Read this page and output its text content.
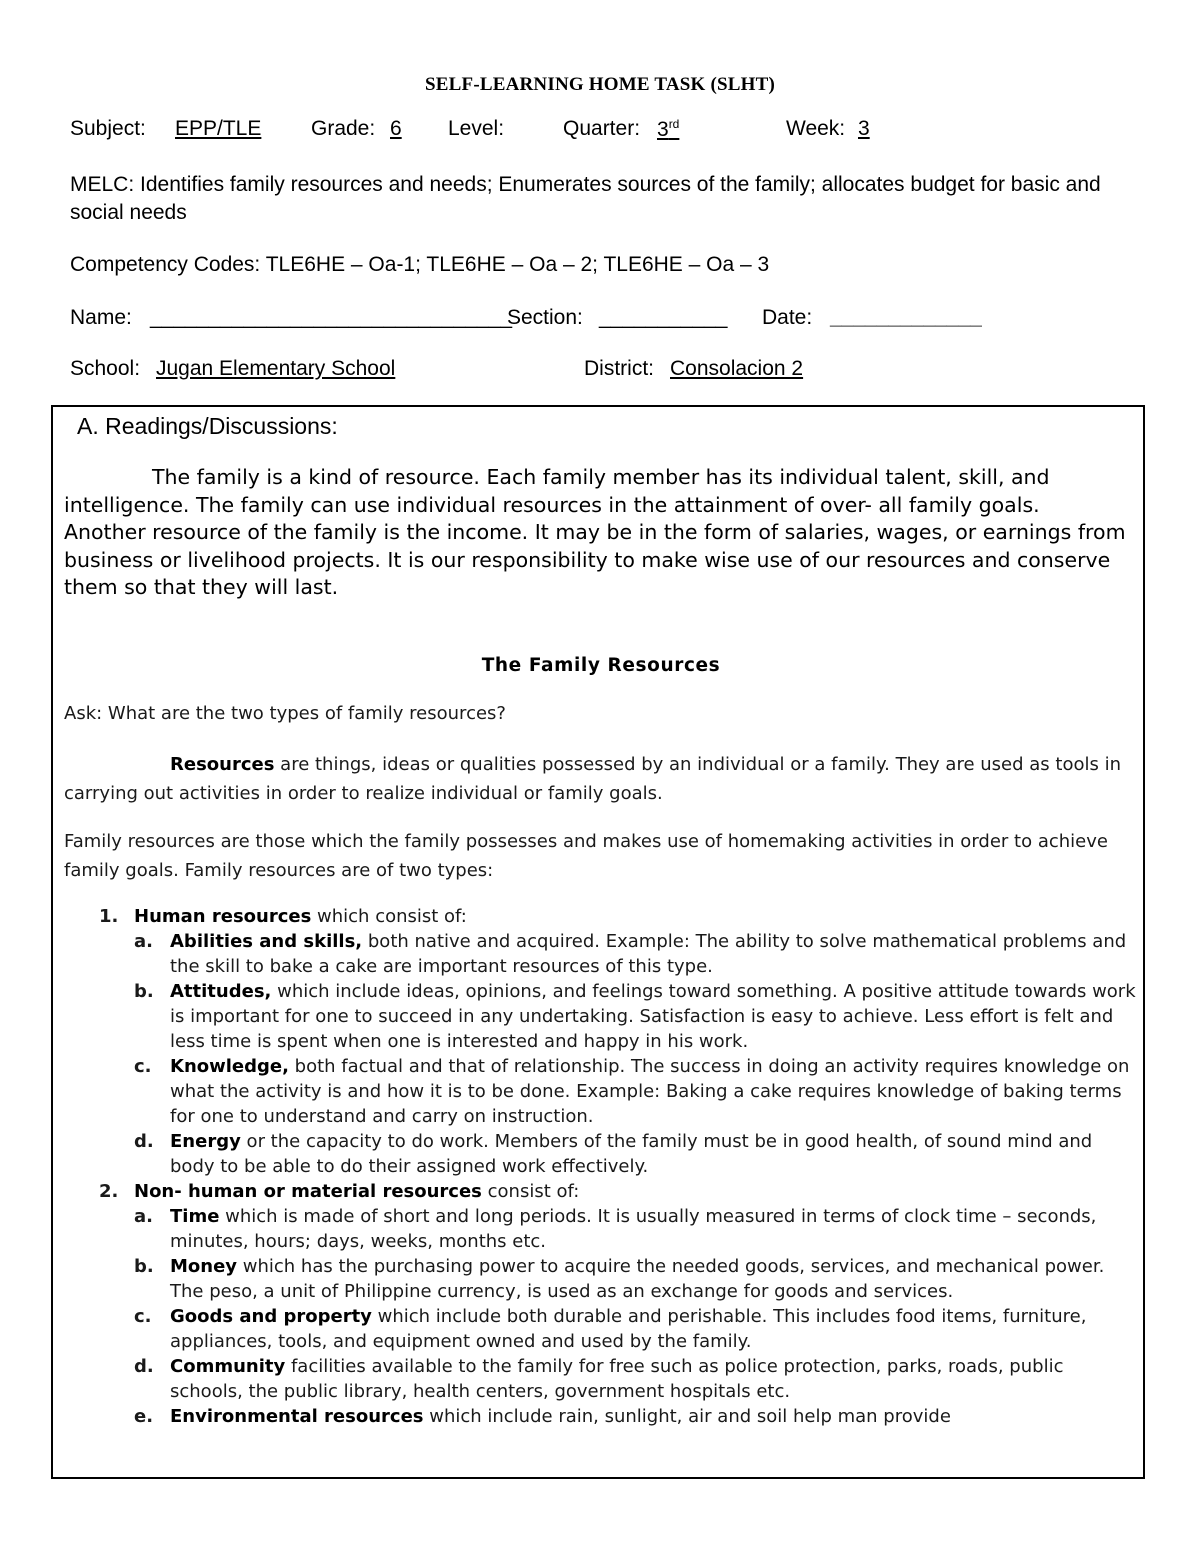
SELF-LEARNING HOME TASK (SLHT)
Subject: EPP/TLE Grade: 6 Level:	Quarter: 3rd	Week: 3
MELC: Identifies family resources and needs; Enumerates sources of the family; allocates budget for basic and social needs
Competency Codes: TLE6HE – Oa-1; TLE6HE – Oa – 2; TLE6HE – Oa – 3
Name: _______________________________
Section: ___________ Date: _____________
School: Jugan Elementary School	District: Consolacion 2
A. Readings/Discussions:

The family is a kind of resource. Each family member has its individual talent, skill, and intelligence. The family can use individual resources in the attainment of over- all family goals.

Another resource of the family is the income. It may be in the form of salaries, wages, or earnings from business or livelihood projects. It is our responsibility to make wise use of our resources and conserve them so that they will last.

The Family Resources
Ask: What are the two types of family resources?

Resources are things, ideas or qualities possessed by an individual or a family. They are used as tools in carrying out activities in order to realize individual or family goals.

Family resources are those which the family possesses and makes use of homemaking activities in order to achieve family goals. Family resources are of two types:

1. Human resources which consist of:
a. Abilities and skills, both native and acquired. Example: The ability to solve mathematical problems and the skill to bake a cake are important resources of this type.
b. Attitudes, which include ideas, opinions, and feelings toward something. A positive attitude towards work is important for one to succeed in any undertaking. Satisfaction is easy to achieve. Less effort is felt and less time is spent when one is interested and happy in his work.
c. Knowledge, both factual and that of relationship. The success in doing an activity requires knowledge on what the activity is and how it is to be done. Example: Baking a cake requires knowledge of baking terms for one to understand and carry on instruction.
d. Energy or the capacity to do work. Members of the family must be in good health, of sound mind and body to be able to do their assigned work effectively.
2. Non- human or material resources consist of:
a. Time which is made of short and long periods. It is usually measured in terms of clock time – seconds, minutes, hours; days, weeks, months etc.
b. Money which has the purchasing power to acquire the needed goods, services, and mechanical power. The peso, a unit of Philippine currency, is used as an exchange for goods and services.
c. Goods and property which include both durable and perishable. This includes food items, furniture, appliances, tools, and equipment owned and used by the family.
d. Community facilities available to the family for free such as police protection, parks, roads, public schools, the public library, health centers, government hospitals etc.
e. Environmental resources which include rain, sunlight, air and soil help man provide
